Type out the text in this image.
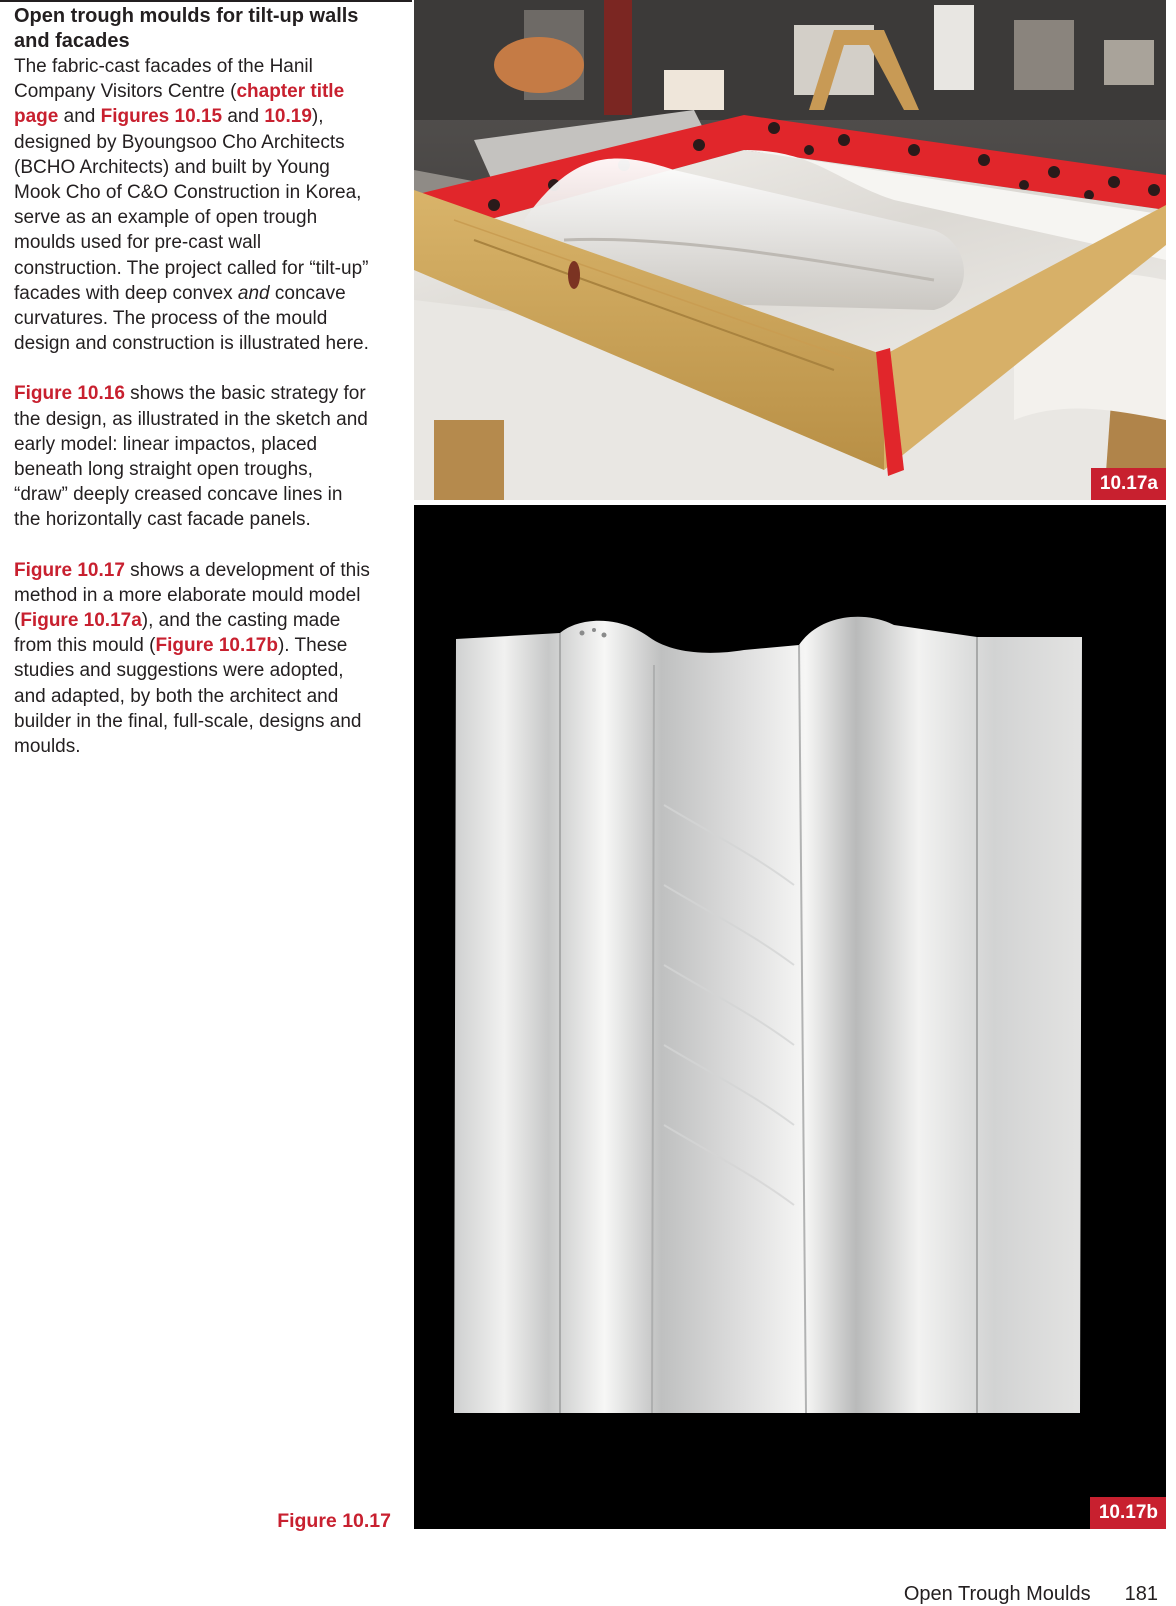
Open trough moulds for tilt-up walls and facades

The fabric-cast facades of the Hanil Company Visitors Centre (chapter title page and Figures 10.15 and 10.19), designed by Byoungsoo Cho Architects (BCHO Architects) and built by Young Mook Cho of C&O Construction in Korea, serve as an example of open trough moulds used for pre-cast wall construction. The project called for “tilt-up” facades with deep convex and concave curvatures. The process of the mould design and construction is illustrated here.

Figure 10.16 shows the basic strategy for the design, as illustrated in the sketch and early model: linear impactos, placed beneath long straight open troughs, “draw” deeply creased concave lines in the horizontally cast facade panels.

Figure 10.17 shows a development of this method in a more elaborate mould model (Figure 10.17a), and the casting made from this mould (Figure 10.17b). These studies and suggestions were adopted, and adapted, by both the architect and builder in the final, full-scale, designs and moulds.

Figure 10.17
10.17a
10.17b
Open Trough Moulds 181
